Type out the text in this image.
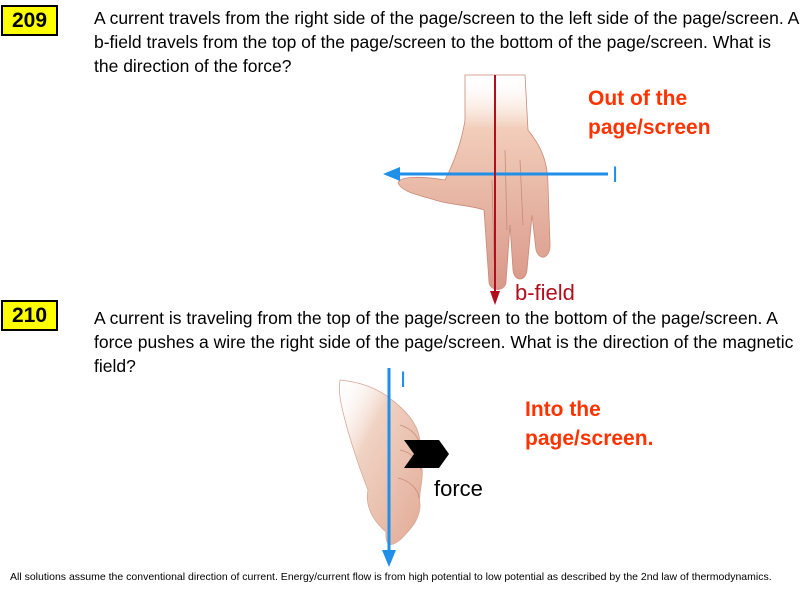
209	A current travels from the right side of the page/screen to the left side of the page/screen. A b-field travels from the top of the page/screen to the bottom of the page/screen. What is the direction of the force?

Out of the
page/screen

I
b-field
210	A current is traveling from the top of the page/screen to the bottom of the page/screen. A force pushes a wire the right side of the page/screen. What is the direction of the magnetic field?

Into the
page/screen.

I
force

All solutions assume the conventional direction of current. Energy/current flow is from high potential to low potential as described by the 2nd law of thermodynamics.
